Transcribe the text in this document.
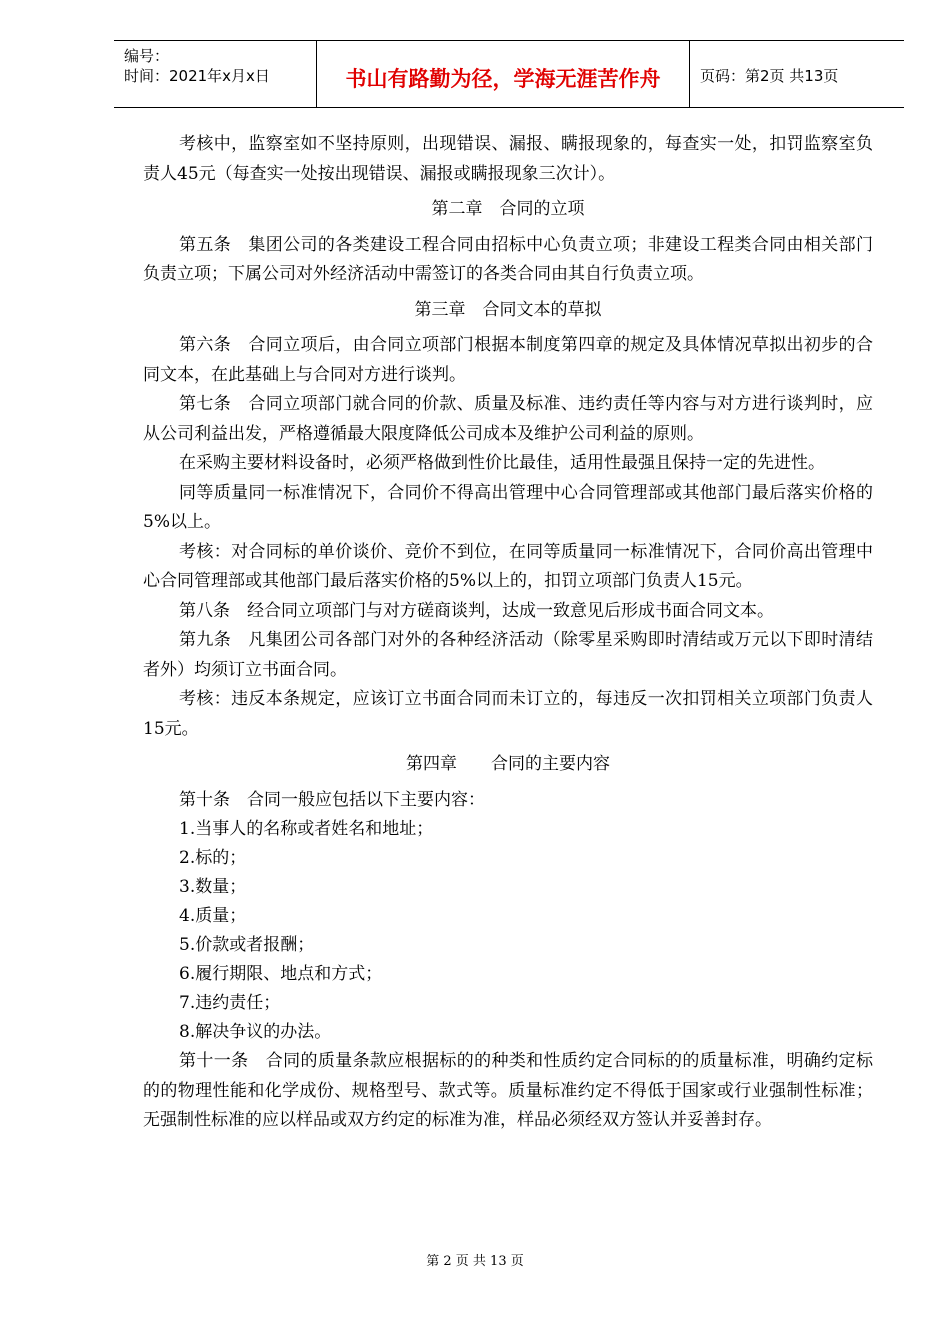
编号：
时间：2021年x月x日	书山有路勤为径，学海无涯苦作舟	页码：第2页 共13页

考核中，监察室如不坚持原则，出现错误、漏报、瞒报现象的，每查实一处，扣罚监察室负责人45元（每查实一处按出现错误、漏报或瞒报现象三次计）。

第二章　合同的立项

第五条　集团公司的各类建设工程合同由招标中心负责立项；非建设工程类合同由相关部门负责立项；下属公司对外经济活动中需签订的各类合同由其自行负责立项。

第三章　合同文本的草拟

第六条　合同立项后，由合同立项部门根据本制度第四章的规定及具体情况草拟出初步的合同文本，在此基础上与合同对方进行谈判。

第七条　合同立项部门就合同的价款、质量及标准、违约责任等内容与对方进行谈判时，应从公司利益出发，严格遵循最大限度降低公司成本及维护公司利益的原则。

在采购主要材料设备时，必须严格做到性价比最佳，适用性最强且保持一定的先进性。

同等质量同一标准情况下，合同价不得高出管理中心合同管理部或其他部门最后落实价格的5%以上。

考核：对合同标的单价谈价、竞价不到位，在同等质量同一标准情况下，合同价高出管理中心合同管理部或其他部门最后落实价格的5%以上的，扣罚立项部门负责人15元。

第八条　经合同立项部门与对方磋商谈判，达成一致意见后形成书面合同文本。

第九条　凡集团公司各部门对外的各种经济活动（除零星采购即时清结或万元以下即时清结者外）均须订立书面合同。

考核：违反本条规定，应该订立书面合同而未订立的，每违反一次扣罚相关立项部门负责人15元。

第四章　　合同的主要内容

第十条　合同一般应包括以下主要内容：

1.当事人的名称或者姓名和地址；

2.标的；

3.数量；

4.质量；

5.价款或者报酬；

6.履行期限、地点和方式；

7.违约责任；

8.解决争议的办法。

第十一条　合同的质量条款应根据标的的种类和性质约定合同标的的质量标准，明确约定标的的物理性能和化学成份、规格型号、款式等。质量标准约定不得低于国家或行业强制性标准；无强制性标准的应以样品或双方约定的标准为准，样品必须经双方签认并妥善封存。

第 2 页 共 13 页
